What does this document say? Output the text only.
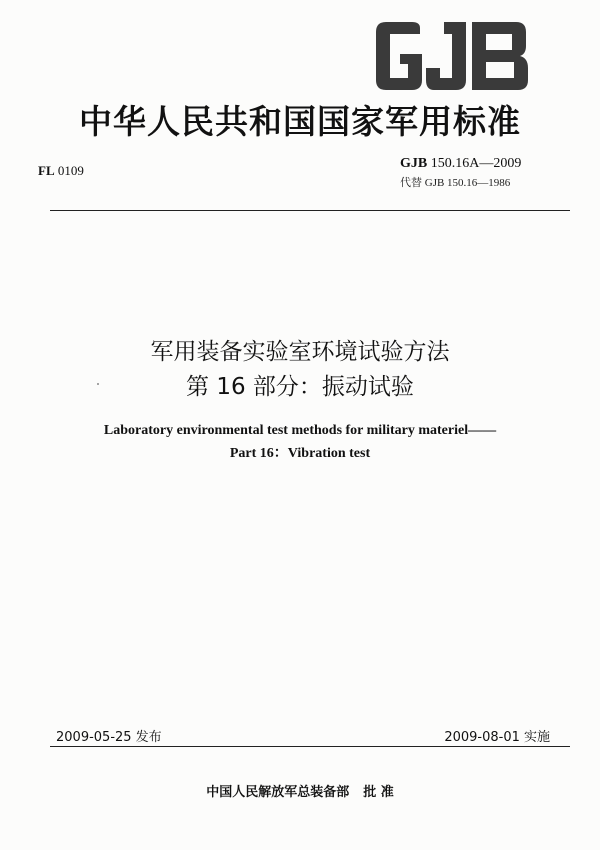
中华人民共和国国家军用标准
FL 0109	GJB 150.16A—2009
代替 GJB 150.16—1986
军用装备实验室环境试验方法
第 16 部分：振动试验
Laboratory environmental test methods for military materiel——
Part 16：Vibration test
2009-05-25 发布	2009-08-01 实施
中国人民解放军总装备部 批 准
